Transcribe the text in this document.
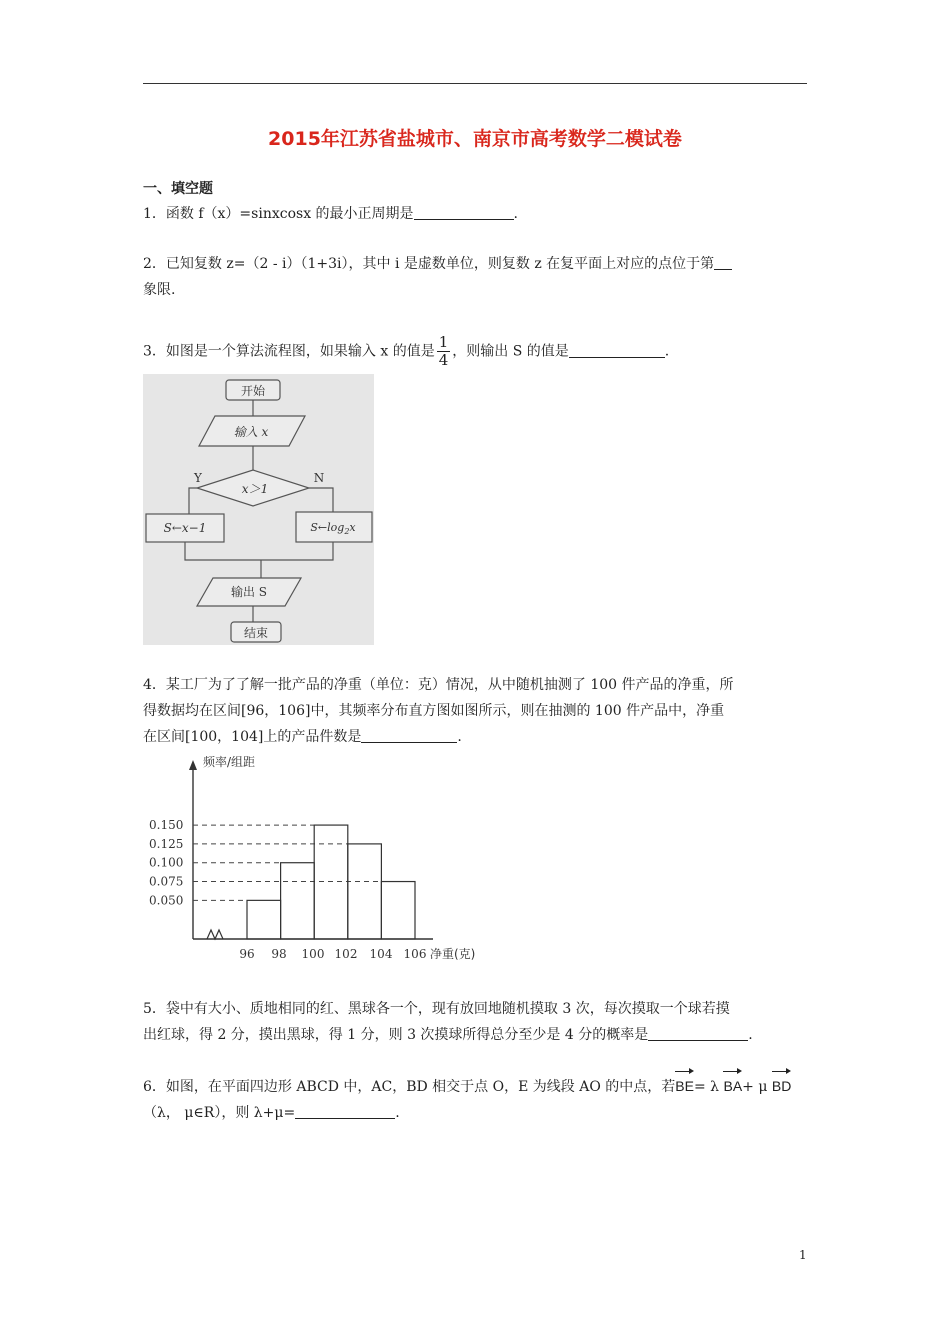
2015年江苏省盐城市、南京市高考数学二模试卷
一、填空题
1．函数 f（x）=sinxcosx 的最小正周期是	.
2．已知复数 z=（2 - i）（1+3i），其中 i 是虚数单位，则复数 z 在复平面上对应的点位于第
象限.
3．如图是一个算法流程图，如果输入 x 的值是 $\frac{1}{4}$ ，则输出 S 的值是	.
开始
输入 x
x＞1
Y	N
S←x−1	$S\leftarrow\log_2x$
输出 S
结束
4．某工厂为了了解一批产品的净重（单位：克）情况，从中随机抽测了 100 件产品的净重，所
得数据均在区间[96，106]中，其频率分布直方图如图所示，则在抽测的 100 件产品中，净重
在区间[100，104]上的产品件数是	.
0.150
0.125
0.100
0.075
0.050
96 98 100 102 104 106
频率/组距
净重(克)
5．袋中有大小、质地相同的红、黑球各一个，现有放回地随机摸取 3 次，每次摸取一个球若摸
出红球，得 2 分，摸出黑球，得 1 分，则 3 次摸球所得总分至少是 4 分的概率是	.
6．如图，在平面四边形 ABCD 中，AC，BD 相交于点 O，E 为线段 AO 的中点，若BE= λ BA+ μ BD
（λ， μ∈R），则 λ+μ=	.
1
